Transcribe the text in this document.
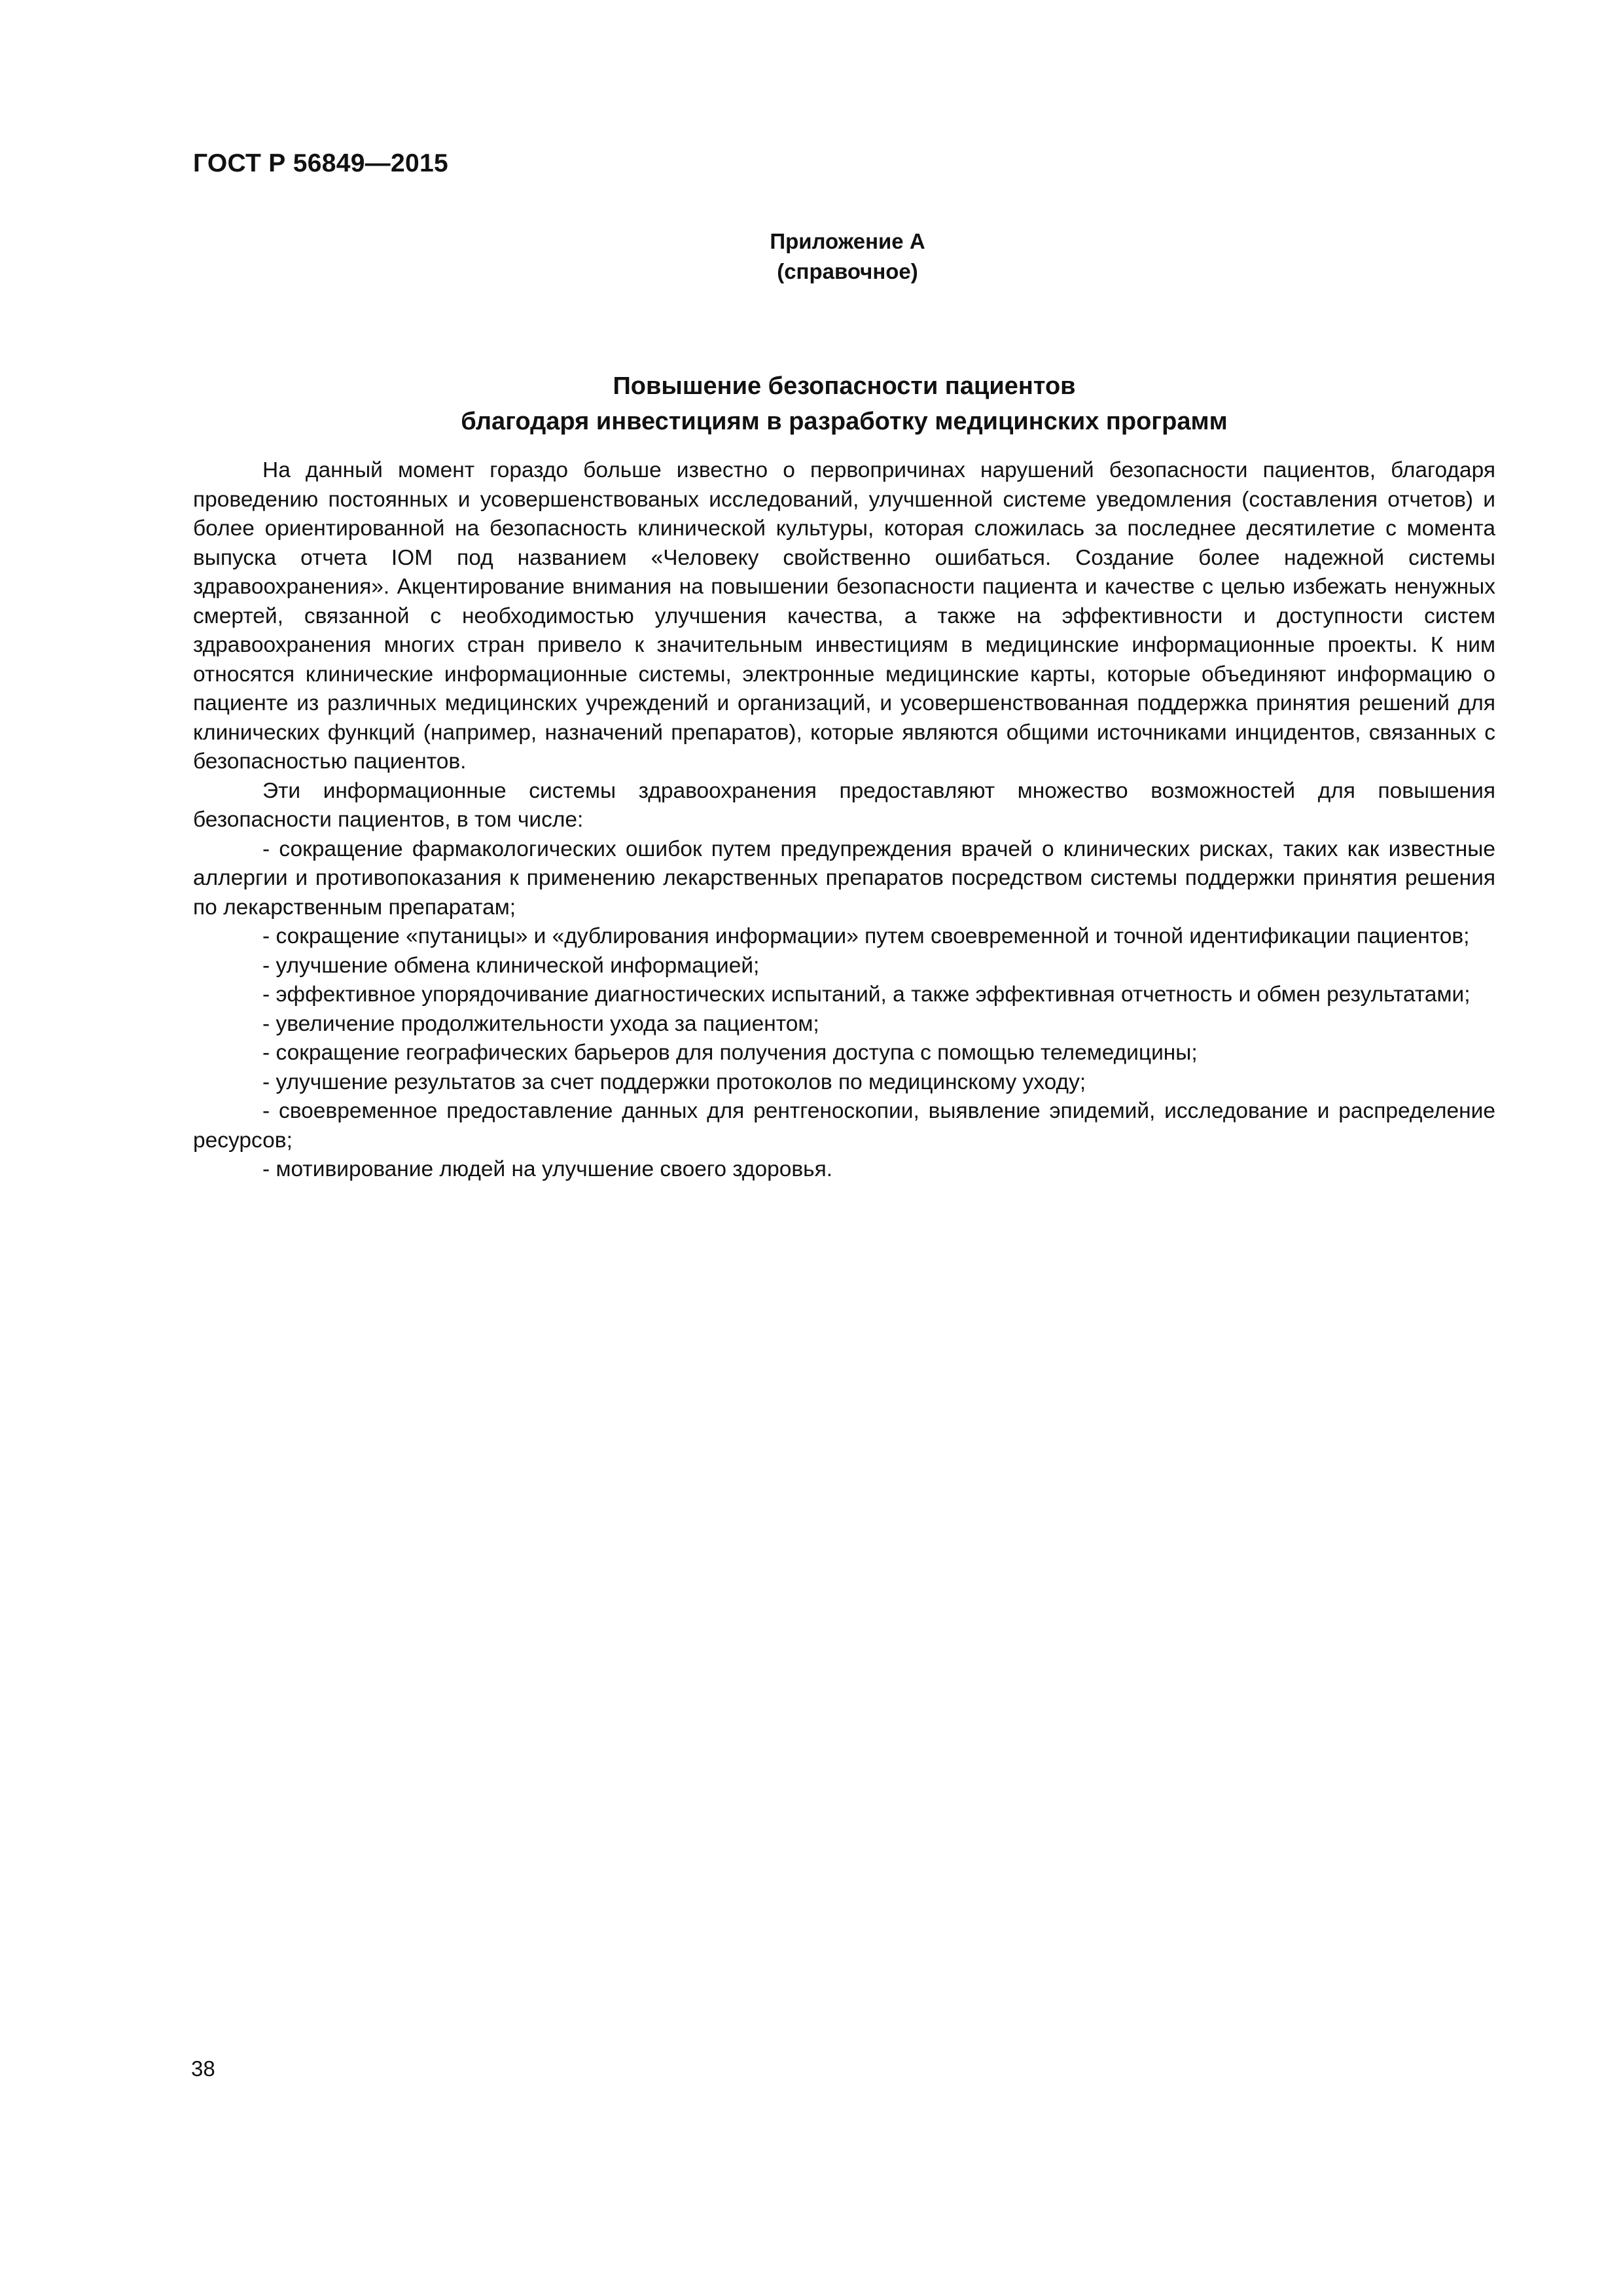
ГОСТ Р 56849—2015
Приложение А
(справочное)
Повышение безопасности пациентов
благодаря инвестициям в разработку медицинских программ

На данный момент гораздо больше известно о первопричинах нарушений безопасности пациентов, благодаря проведению постоянных и усовершенствованых исследований, улучшенной системе уведомления (составления отчетов) и более ориентированной на безопасность клинической культуры, которая сложилась за последнее десятилетие с момента выпуска отчета IOM под названием «Человеку свойственно ошибаться. Создание более надежной системы здравоохранения». Акцентирование внимания на повышении безопасности пациента и качестве с целью избежать ненужных смертей, связанной с необходимостью улучшения качества, а также на эффективности и доступности систем здравоохранения многих стран привело к значительным инвестициям в медицинские информационные проекты. К ним относятся клинические информационные системы, электронные медицинские карты, которые объединяют информацию о пациенте из различных медицинских учреждений и организаций, и усовершенствованная поддержка принятия решений для клинических функций (например, назначений препаратов), которые являются общими источниками инцидентов, связанных с безопасностью пациентов.

Эти информационные системы здравоохранения предоставляют множество возможностей для повышения безопасности пациентов, в том числе:

- сокращение фармакологических ошибок путем предупреждения врачей о клинических рисках, таких как известные аллергии и противопоказания к применению лекарственных препаратов посредством системы поддержки принятия решения по лекарственным препаратам;
- сокращение «путаницы» и «дублирования информации» путем своевременной и точной идентификации пациентов;
- улучшение обмена клинической информацией;
- эффективное упорядочивание диагностических испытаний, а также эффективная отчетность и обмен результатами;
- увеличение продолжительности ухода за пациентом;
- сокращение географических барьеров для получения доступа с помощью телемедицины;
- улучшение результатов за счет поддержки протоколов по медицинскому уходу;
- своевременное предоставление данных для рентгеноскопии, выявление эпидемий, исследование и распределение ресурсов;
- мотивирование людей на улучшение своего здоровья.
38
